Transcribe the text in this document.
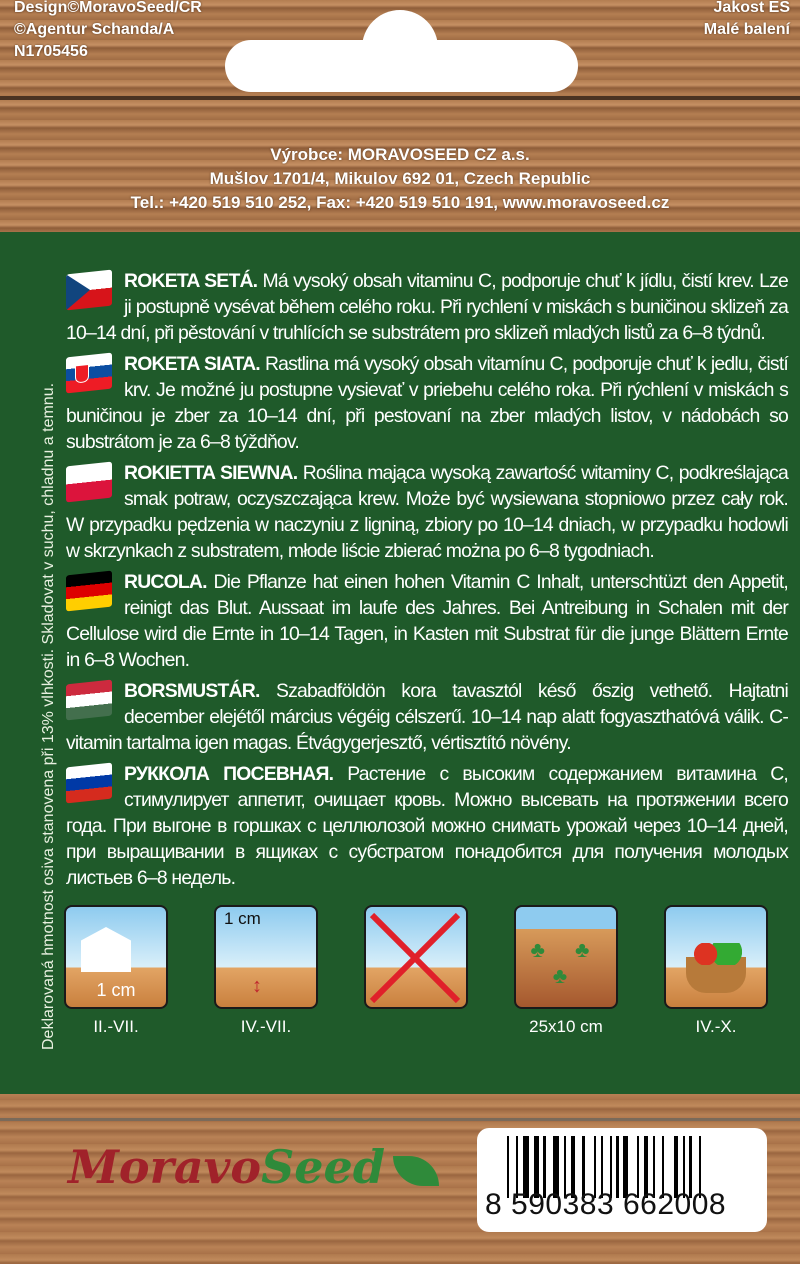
Design©MoravoSeed/CR
©Agentur Schanda/A
N1705456
Jakost ES
Malé balení
Výrobce: MORAVOSEED CZ a.s.
Mušlov 1701/4, Mikulov 692 01, Czech Republic
Tel.: +420 519 510 252, Fax: +420 519 510 191, www.moravoseed.cz
Deklarovaná hmotnost osiva stanovena při 13% vlhkosti. Skladovat v suchu, chladnu a temnu.
ROKETA SETÁ. Má vysoký obsah vitaminu C, podporuje chuť k jídlu, čistí krev. Lze ji postupně vysévat během celého roku. Při rychlení v miskách s buničinou sklizeň za 10–14 dní, při pěstování v truhlících se substrátem pro sklizeň mladých listů za 6–8 týdnů.
ROKETA SIATA. Rastlina má vysoký obsah vitamínu C, podporuje chuť k jedlu, čistí krv. Je možné ju postupne vysievať v priebehu celého roka. Při rýchlení v miskách s buničinou je zber za 10–14 dní, při pestovaní na zber mladých listov, v nádobách so substrátom je za 6–8 týždňov.
ROKIETTA SIEWNA. Roślina mająca wysoką zawartość witaminy C, podkreślająca smak potraw, oczyszczająca krew. Może być wysiewana stopniowo przez cały rok. W przypadku pędzenia w naczyniu z ligniną, zbiory po 10–14 dniach, w przypadku hodowli w skrzynkach z substratem, młode liście zbierać można po 6–8 tygodniach.
RUCOLA. Die Pflanze hat einen hohen Vitamin C Inhalt, unterschtüzt den Appetit, reinigt das Blut. Aussaat im laufe des Jahres. Bei Antreibung in Schalen mit der Cellulose wird die Ernte in 10–14 Tagen, in Kasten mit Substrat für die junge Blättern Ernte in 6–8 Wochen.
BORSMUSTÁR. Szabadföldön kora tavasztól késő őszig vethető. Hajtatni december elejétől március végéig célszerű. 10–14 nap alatt fogyaszthatóvá válik. C- vitamin tartalma igen magas. Étvágygerjesztő, vértisztító növény.
РУККОЛА ПОСЕВНАЯ. Растение с высоким содержанием витамина С, стимулирует аппетит, очищает кровь. Можно высевать на протяжении всего года. При выгоне в горшках с целлюлозой можно снимать урожай через 10–14 дней, при выращивании в ящиках с субстратом понадобится для получения молодых листьев 6–8 недель.
1 cm
II.-VII.
1 cm
↕
IV.-VII.
♣ ♣ ♣
25x10 cm	IV.-X.
MoravoSeed
8 590383 662008
